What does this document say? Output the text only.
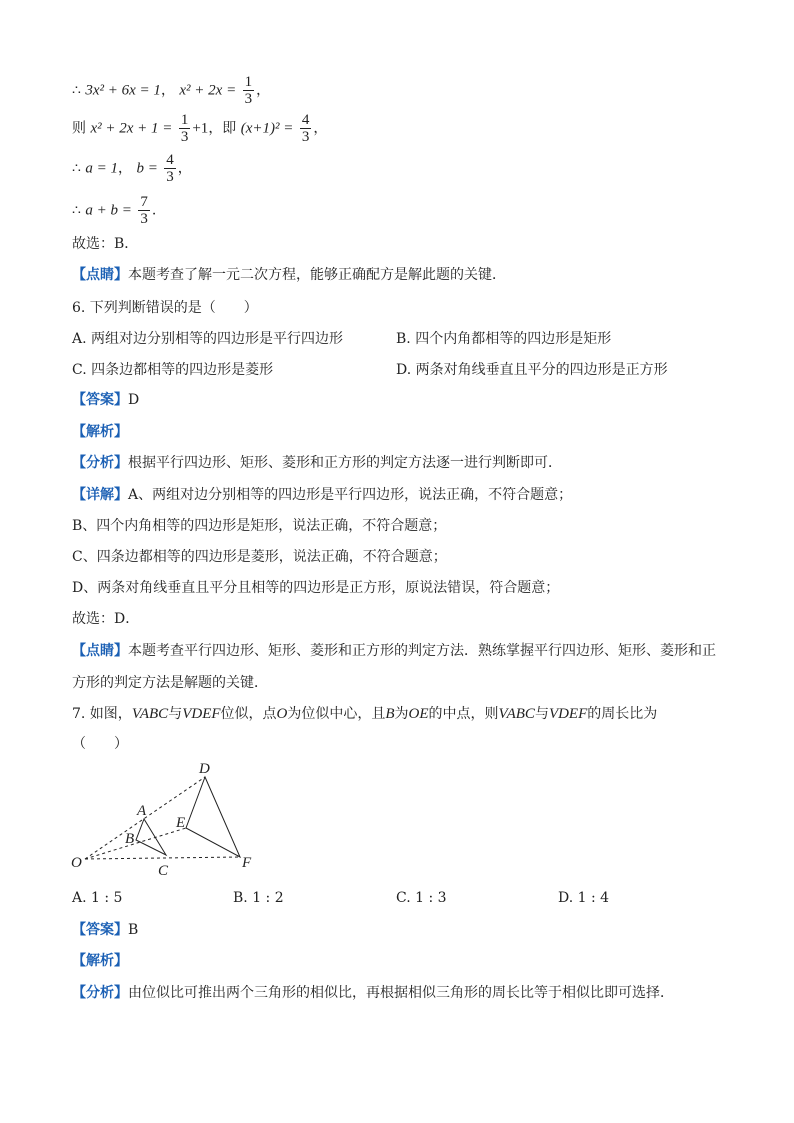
∴ 3x² + 6x = 1， $x^2 + 2x = \frac{1}{3}$ ，
则 $x^2 + 2x + 1 = \frac{1}{3} +1$，即 $(x+1)^2 = \frac{4}{3}$ ，
∴ a = 1， $b = \frac{4}{3}$ ，
∴ $a + b = \frac{7}{3}$ .
故选：B．
【点睛】本题考查了解一元二次方程，能够正确配方是解此题的关键．
6. 下列判断错误的是（　　）
A. 两组对边分别相等的四边形是平行四边形	B. 四个内角都相等的四边形是矩形
C. 四条边都相等的四边形是菱形	D. 两条对角线垂直且平分的四边形是正方形
【答案】D
【解析】
【分析】根据平行四边形、矩形、菱形和正方形的判定方法逐一进行判断即可．
【详解】A、两组对边分别相等的四边形是平行四边形，说法正确，不符合题意；
B、四个内角相等的四边形是矩形，说法正确，不符合题意；
C、四条边都相等的四边形是菱形，说法正确，不符合题意；
D、两条对角线垂直且平分且相等的四边形是正方形，原说法错误，符合题意；
故选：D．
【点睛】本题考查平行四边形、矩形、菱形和正方形的判定方法．熟练掌握平行四边形、矩形、菱形和正
方形的判定方法是解题的关键．
7. 如图，VABC与VDEF位似，点O为位似中心，且B为OE的中点，则VABC与VDEF的周长比为
（　　）
O
A
B
C
D
E
F
A. 1 : 5	B. 1 : 2	C. 1 : 3	D. 1 : 4
【答案】B
【解析】
【分析】由位似比可推出两个三角形的相似比，再根据相似三角形的周长比等于相似比即可选择．
